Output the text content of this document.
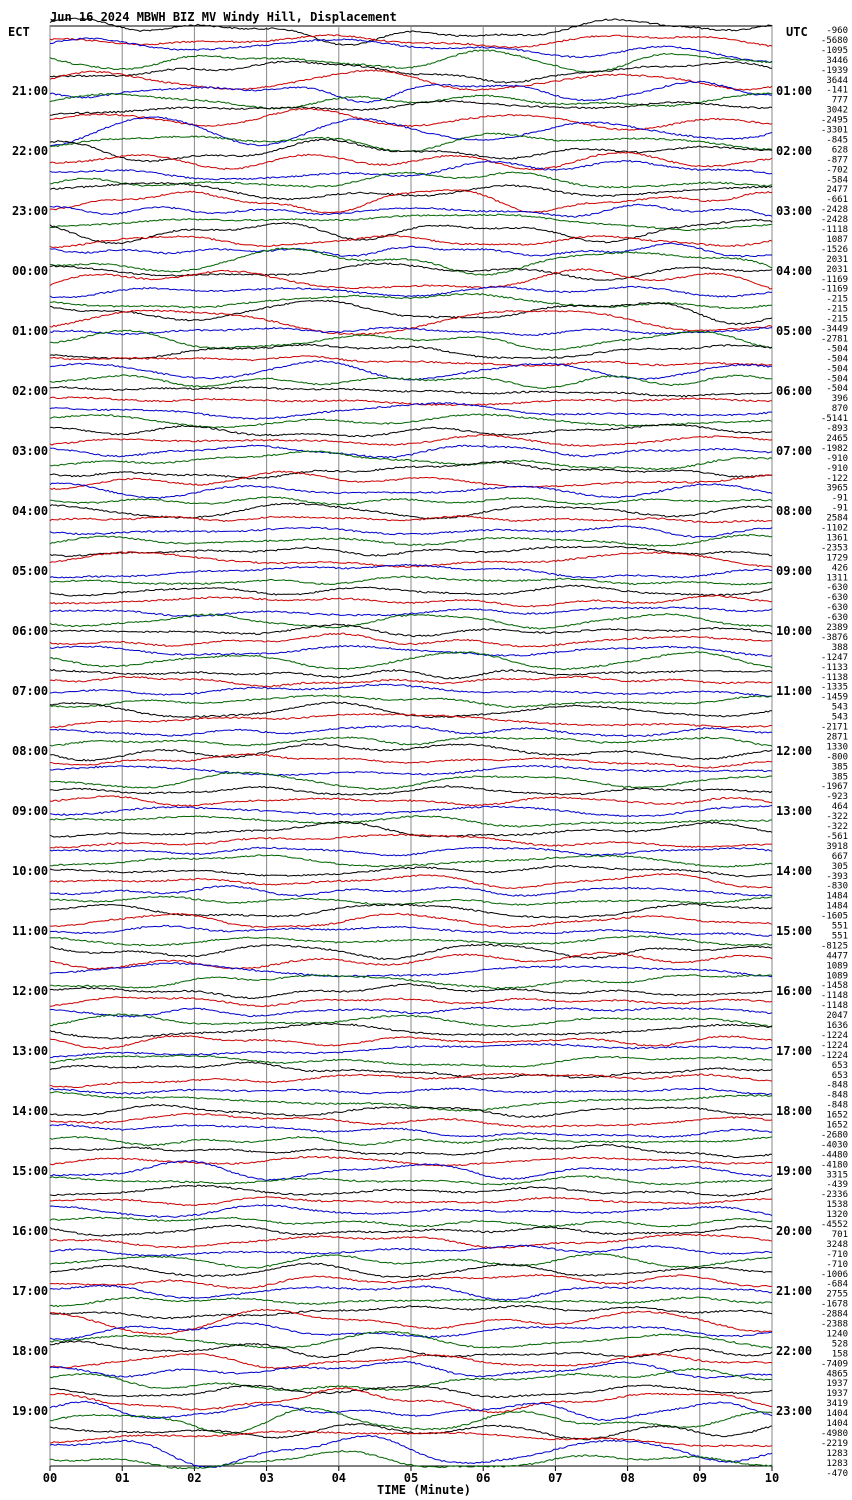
Jun 16 2024 MBWH BIZ MV Windy Hill, Displacement
ECT	UTC
21:00
22:00
23:00
00:00
01:00
02:00
03:00
04:00
05:00
06:00
07:00
08:00
09:00
10:00
11:00
12:00
13:00
14:00
15:00
16:00
17:00
18:00
19:00
01:00
02:00
03:00
04:00
05:00
06:00
07:00
08:00
09:00
10:00
11:00
12:00
13:00
14:00
15:00
16:00
17:00
18:00
19:00
20:00
21:00
22:00
23:00
-960
-5680
-1095
3446
-1939
3644
-141
777
3042
-2495
-3301
-845
628
-877
-702
-584
2477
-661
-2428
-2428
-1118
1087
-1526
2031
2031
-1169
-1169
-215
-215
-215
-3449
-2781
-504
-504
-504
-504
-504
396
870
-5141
-893
2465
-1982
-910
-910
-122
3965
-91
-91
2584
-1102
1361
-2353
1729
426
1311
-630
-630
-630
-630
2389
-3876
388
-1247
-1133
-1138
-1335
-1459
543
543
-2171
2871
1330
-800
385
385
-1967
-923
464
-322
-322
-561
3918
667
305
-393
-830
1484
1484
-1605
551
551
-8125
4477
1089
1089
-1458
-1148
-1148
2047
1636
-1224
-1224
-1224
653
653
-848
-848
-848
1652
1652
-2680
-4030
-4480
-4180
3315
-439
-2336
1538
1320
-4552
701
3248
-710
-710
-1006
-684
2755
-1678
-2884
-2388
1240
528
158
-7409
4865
1937
1937
3419
1404
1404
-4980
-2219
1283
1283
-470
00	01	02	03	04	05	06	07	08	09	10
TIME (Minute)
